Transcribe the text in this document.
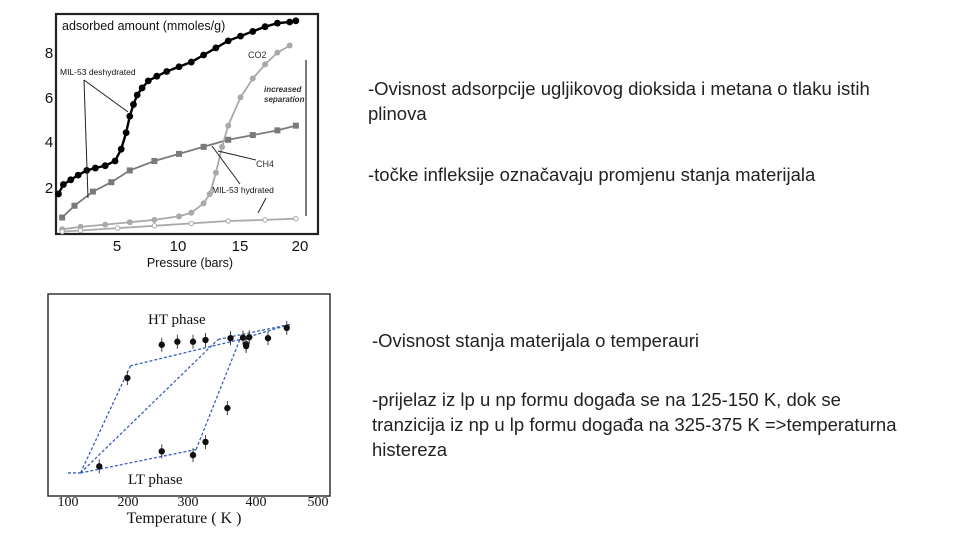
adsorbed amount (mmoles/g)
8
6
4
2
5	10	15	20
Pressure (bars)
CO2
MIL-53 deshydrated
increased
separation
CH4
MIL-53 hydrated
100	200	300	400	500
Temperature ( K )
HT phase
LT phase

-Ovisnost adsorpcije ugljikovog dioksida i metana o tlaku istih plinova

-točke infleksije označavaju promjenu stanja materijala

-Ovisnost stanja materijala o temperauri

-prijelaz iz lp u np formu događa se na 125-150 K, dok se tranzicija iz np u lp formu događa na 325-375 K =>temperaturna histereza
